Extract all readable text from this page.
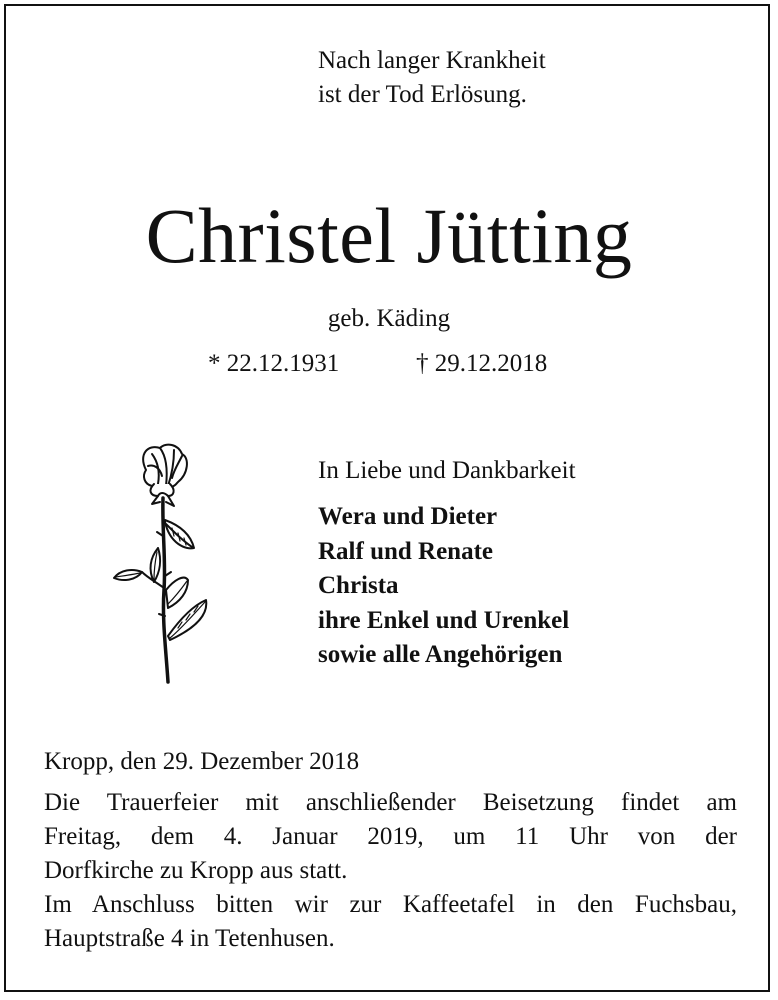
Nach langer Krankheit
ist der Tod Erlösung.
Christel Jütting
geb. Käding
* 22.12.1931	† 29.12.2018
In Liebe und Dankbarkeit
Wera und Dieter
Ralf und Renate
Christa
ihre Enkel und Urenkel
sowie alle Angehörigen
Kropp, den 29. Dezember 2018

Die Trauerfeier mit anschließender Beisetzung findet am

Freitag, dem 4. Januar 2019, um 11 Uhr von der

Dorfkirche zu Kropp aus statt.

Im Anschluss bitten wir zur Kaffeetafel in den Fuchsbau,

Hauptstraße 4 in Tetenhusen.
